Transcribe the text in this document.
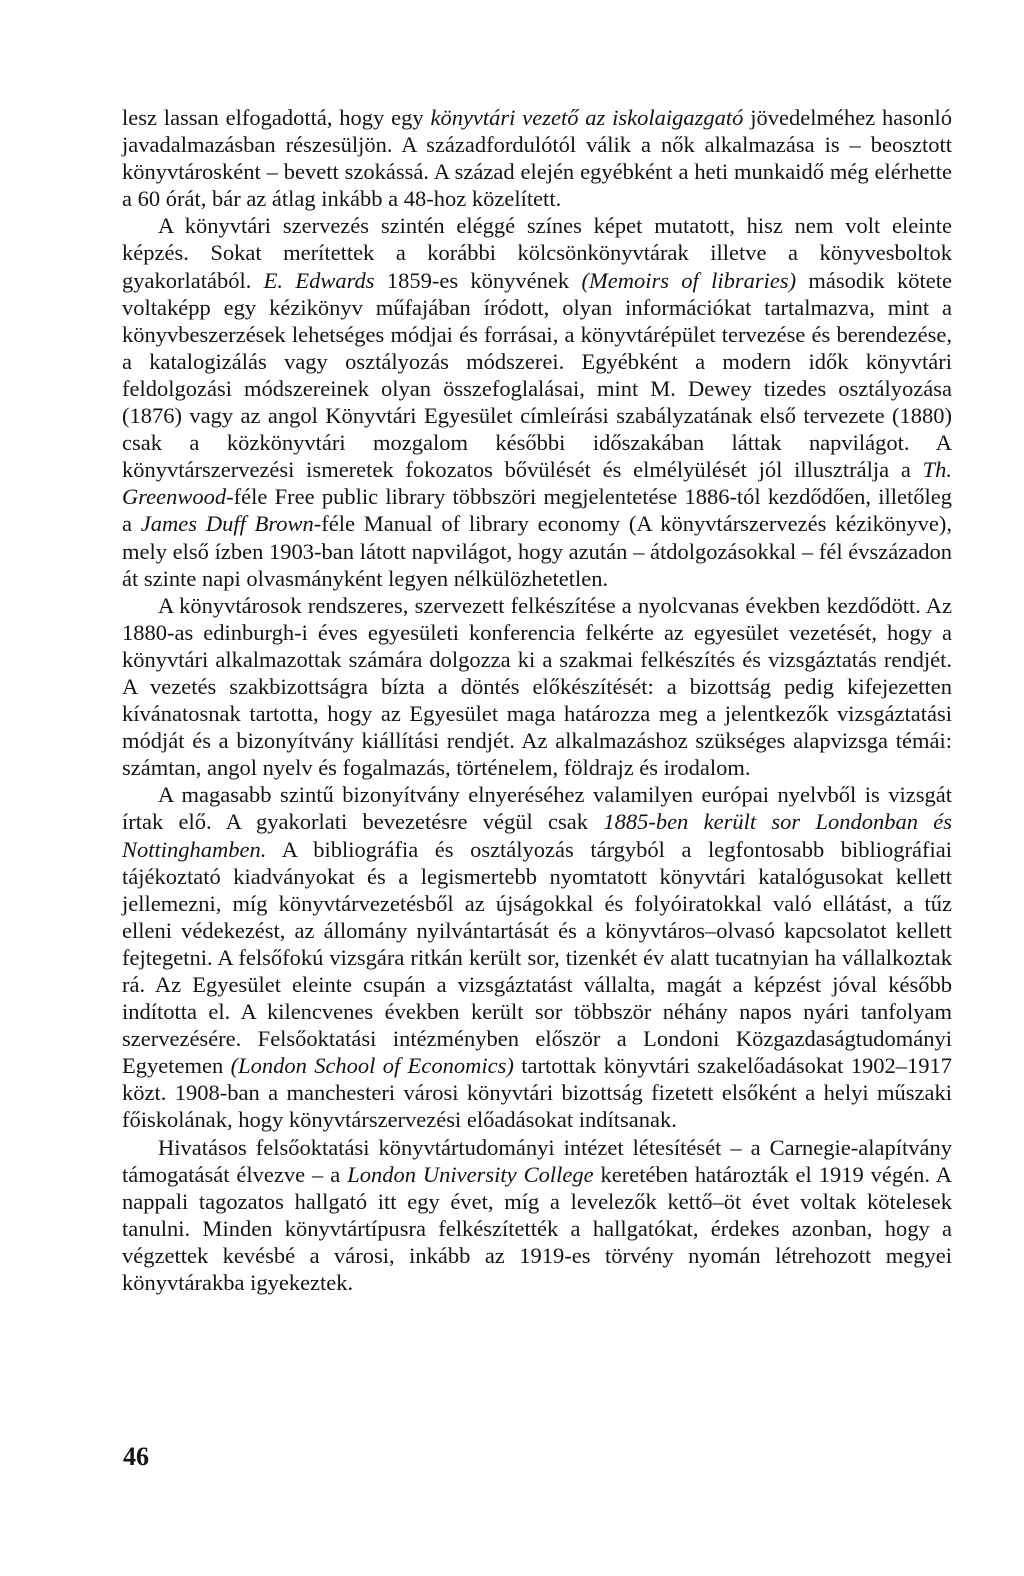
lesz lassan elfogadottá, hogy egy könyvtári vezető az iskolaigazgató jövedelméhez hasonló javadalmazásban részesüljön. A századfordulótól válik a nők alkalmazása is – beosztott könyvtárosként – bevett szokássá. A század elején egyébként a heti munkaidő még elérhette a 60 órát, bár az átlag inkább a 48-hoz közelített.

A könyvtári szervezés szintén eléggé színes képet mutatott, hisz nem volt eleinte képzés. Sokat merítettek a korábbi kölcsönkönyvtárak illetve a könyvesboltok gyakorlatából. E. Edwards 1859-es könyvének (Memoirs of libraries) második kötete voltaképp egy kézikönyv műfajában íródott, olyan információkat tartalmazva, mint a könyvbeszerzések lehetséges módjai és forrásai, a könyvtárépület tervezése és berendezése, a katalogizálás vagy osztályozás módszerei. Egyébként a modern idők könyvtári feldolgozási módszereinek olyan összefoglalásai, mint M. Dewey tizedes osztályozása (1876) vagy az angol Könyvtári Egyesület címleírási szabályzatának első tervezete (1880) csak a közkönyvtári mozgalom későbbi időszakában láttak napvilágot. A könyvtárszervezési ismeretek fokozatos bővülését és elmélyülését jól illusztrálja a Th. Greenwood-féle Free public library többszöri megjelentetése 1886-tól kezdődően, illetőleg a James Duff Brown-féle Manual of library economy (A könyvtárszervezés kézikönyve), mely első ízben 1903-ban látott napvilágot, hogy azután – átdolgozásokkal – fél évszázadon át szinte napi olvasmányként legyen nélkülözhetetlen.

A könyvtárosok rendszeres, szervezett felkészítése a nyolcvanas években kezdődött. Az 1880-as edinburgh-i éves egyesületi konferencia felkérte az egyesület vezetését, hogy a könyvtári alkalmazottak számára dolgozza ki a szakmai felkészítés és vizsgáztatás rendjét. A vezetés szakbizottságra bízta a döntés előkészítését: a bizottság pedig kifejezetten kívánatosnak tartotta, hogy az Egyesület maga határozza meg a jelentkezők vizsgáztatási módját és a bizonyítvány kiállítási rendjét. Az alkalmazáshoz szükséges alapvizsga témái: számtan, angol nyelv és fogalmazás, történelem, földrajz és irodalom.

A magasabb szintű bizonyítvány elnyeréséhez valamilyen európai nyelvből is vizsgát írtak elő. A gyakorlati bevezetésre végül csak 1885-ben került sor Londonban és Nottinghamben. A bibliográfia és osztályozás tárgyból a legfontosabb bibliográfiai tájékoztató kiadványokat és a legismertebb nyomtatott könyvtári katalógusokat kellett jellemezni, míg könyvtárvezetésből az újságokkal és folyóiratokkal való ellátást, a tűz elleni védekezést, az állomány nyilvántartását és a könyvtáros–olvasó kapcsolatot kellett fejtegetni. A felsőfokú vizsgára ritkán került sor, tizenkét év alatt tucatnyian ha vállalkoztak rá. Az Egyesület eleinte csupán a vizsgáztatást vállalta, magát a képzést jóval később indította el. A kilencvenes években került sor többször néhány napos nyári tanfolyam szervezésére. Felsőoktatási intézményben először a Londoni Közgazdaságtudományi Egyetemen (London School of Economics) tartottak könyvtári szakelőadásokat 1902–1917 közt. 1908-ban a manchesteri városi könyvtári bizottság fizetett elsőként a helyi műszaki főiskolának, hogy könyvtárszervezési előadásokat indítsanak.

Hivatásos felsőoktatási könyvtártudományi intézet létesítését – a Carnegie-alapítvány támogatását élvezve – a London University College keretében határozták el 1919 végén. A nappali tagozatos hallgató itt egy évet, míg a levelezők kettő–öt évet voltak kötelesek tanulni. Minden könyvtártípusra felkészítették a hallgatókat, érdekes azonban, hogy a végzettek kevésbé a városi, inkább az 1919-es törvény nyomán létrehozott megyei könyvtárakba igyekeztek.

46
